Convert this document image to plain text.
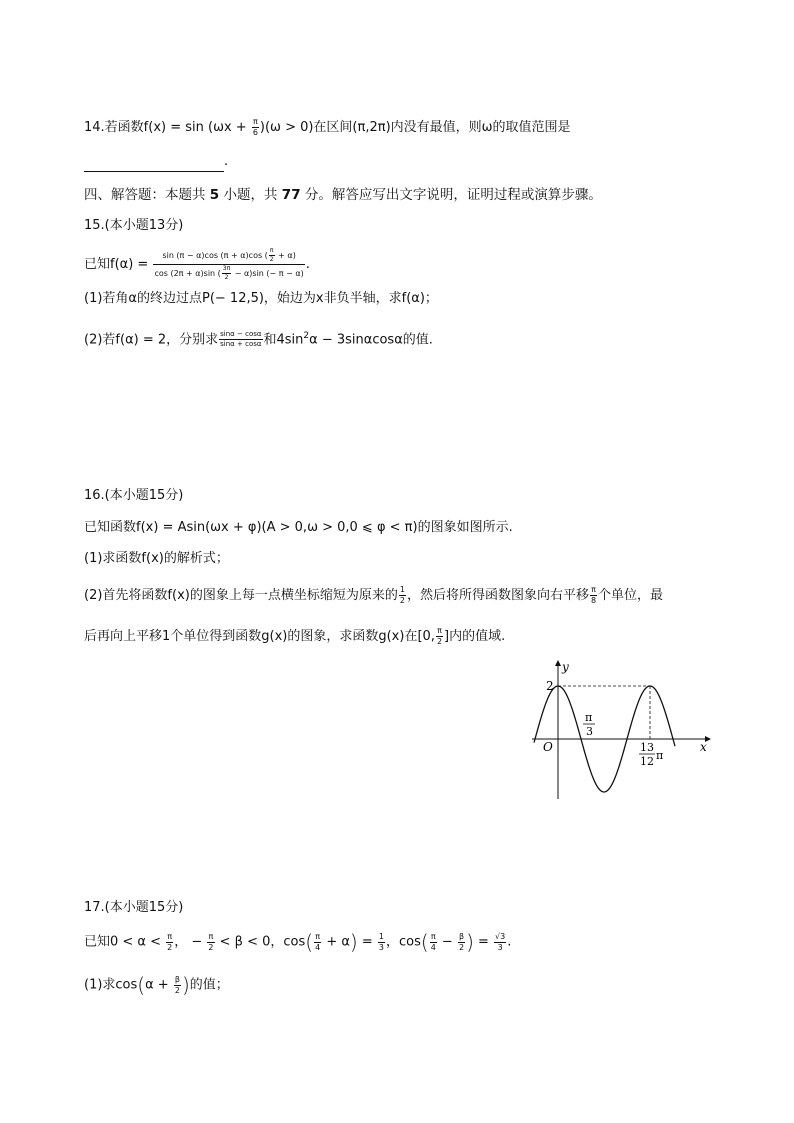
14.若函数$f(x) = \sin (\omega x + \frac{\pi}{6} )(\omega > 0)$在区间(π,2π)内没有最值，则ω的取值范围是
.
四、解答题：本题共 5 小题，共 77 分。解答应写出文字说明，证明过程或演算步骤。
15.(本小题13分)
已知$f(\alpha) = \frac{\sin (\pi - \alpha)\cos (\pi + \alpha)\cos ( \frac{\pi}{2} + \alpha)}{\cos (2\pi + \alpha)\sin ( \frac{3\pi}{2} - \alpha)\sin (- \pi - \alpha)}$ .
(1)若角α的终边过点P(− 12,5)，始边为x非负半轴，求f(α)；
(2)若f(α) = 2，分别求 $\frac{\sin\alpha - \cos\alpha}{\sin\alpha + \cos\alpha}$ 和$4\sin^2\alpha - 3\sin\alpha\cos\alpha$的值.
16.(本小题15分)
已知函数f(x) = Asin(ωx + φ)(A > 0,ω > 0,0 ⩽ φ < π)的图象如图所示.
(1)求函数f(x)的解析式；
(2)首先将函数f(x)的图象上每一点横坐标缩短为原来的 $\frac{1}{2}$ ，然后将所得函数图象向右平移 $\frac{\pi}{8}$ 个单位，最
后再向上平移1个单位得到函数g(x)的图象，求函数g(x)在[0, $\frac{\pi}{2}$ ]内的值域.
y
x
O
2
π
3
13
12 π
17.(本小题15分)
已知$0 < \alpha < \frac{\pi}{2}$ ， − $\frac{\pi}{2} < \beta < 0$，$\cos( \frac{\pi}{4} + \alpha) = \frac{1}{3}$ ，$\cos( \frac{\pi}{4} - \frac{\beta}{2}$ ) = $\frac{√3}{3}$ .
(1)求$\cos(\alpha + \frac{\beta}{2}$ )的值；
